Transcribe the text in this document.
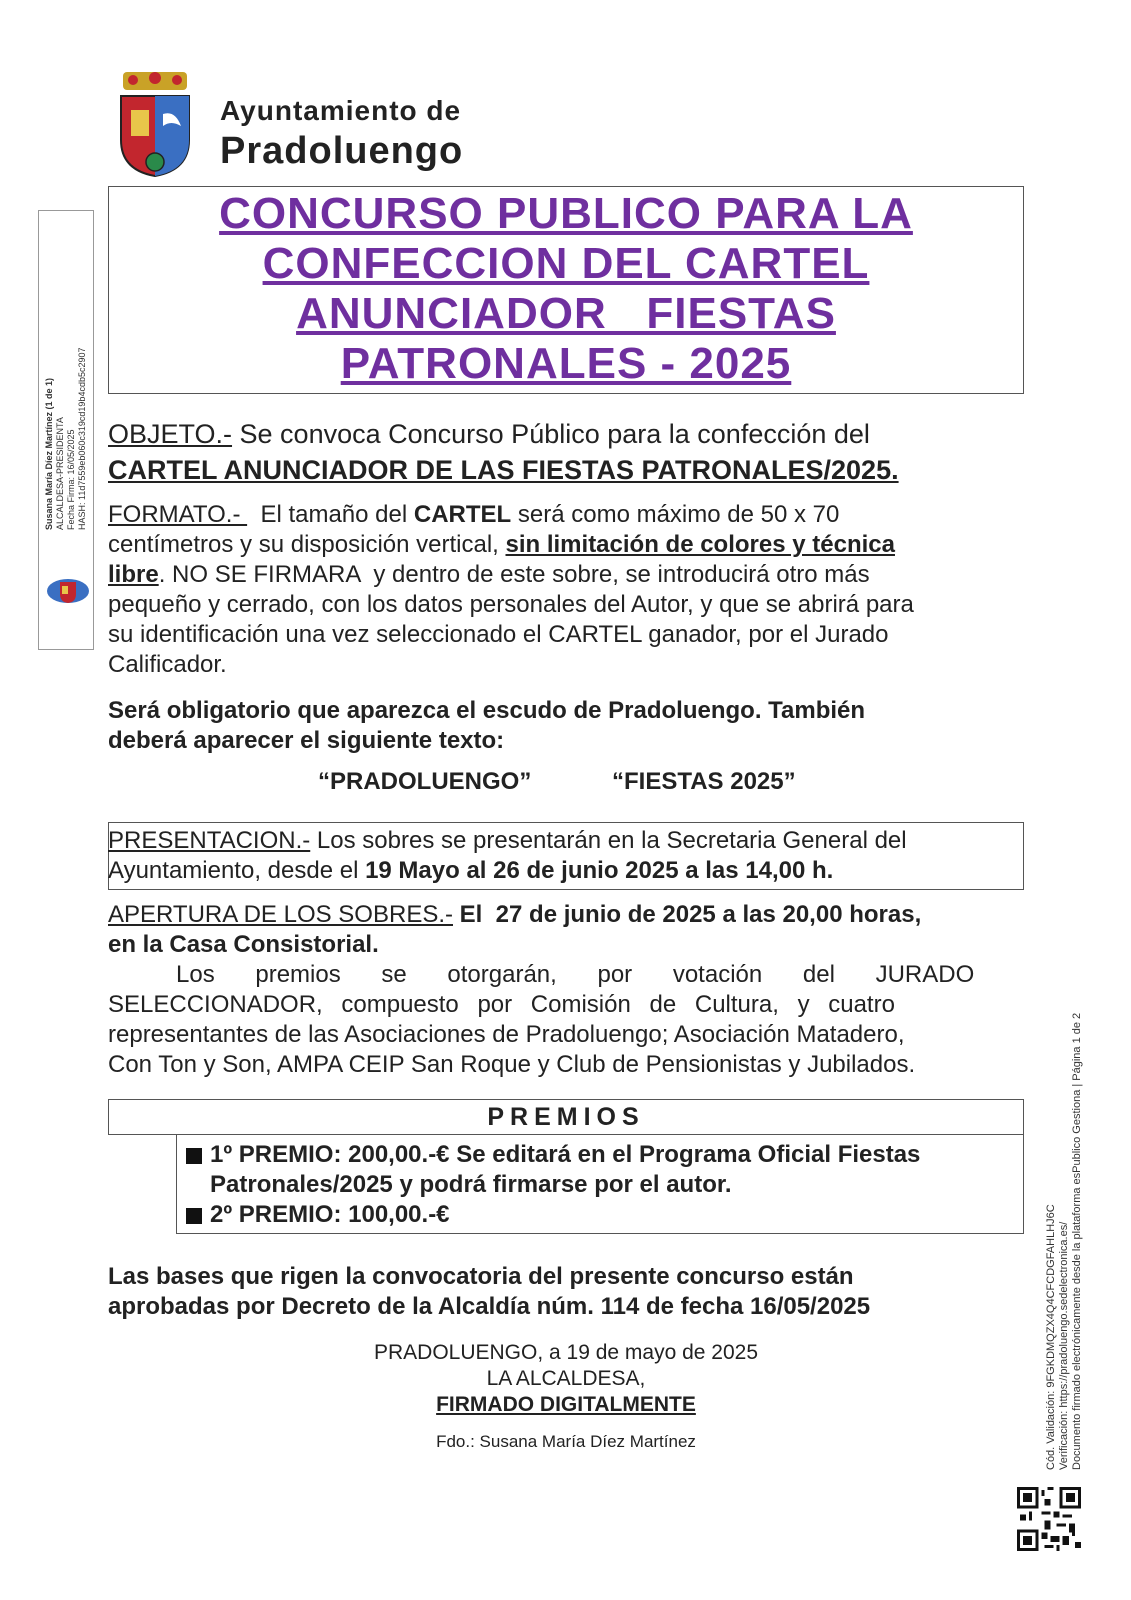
Ayuntamiento de
Pradoluengo
CONCURSO PUBLICO PARA LA
CONFECCION DEL CARTEL
ANUNCIADOR   FIESTAS
PATRONALES - 2025
OBJETO.- Se convoca Concurso Público para la confección del
CARTEL ANUNCIADOR DE LAS FIESTAS PATRONALES/2025.
FORMATO.-   El tamaño del CARTEL será como máximo de 50 x 70
centímetros y su disposición vertical, sin limitación de colores y técnica
libre. NO SE FIRMARA  y dentro de este sobre, se introducirá otro más
pequeño y cerrado, con los datos personales del Autor, y que se abrirá para
su identificación una vez seleccionado el CARTEL ganador, por el Jurado
Calificador.
Será obligatorio que aparezca el escudo de Pradoluengo. También
deberá aparecer el siguiente texto:
“PRADOLUENGO”	“FIESTAS 2025”
PRESENTACION.- Los sobres se presentarán en la Secretaria General del
Ayuntamiento, desde el 19 Mayo al 26 de junio 2025 a las 14,00 h.
APERTURA DE LOS SOBRES.- El  27 de junio de 2025 a las 20,00 horas,
en la Casa Consistorial.
Los premios se otorgarán, por votación del JURADO
SELECCIONADOR, compuesto por Comisión de Cultura, y cuatro
representantes de las Asociaciones de Pradoluengo; Asociación Matadero,
Con Ton y Son, AMPA CEIP San Roque y Club de Pensionistas y Jubilados.
PREMIOS
1º PREMIO: 200,00.-€ Se editará en el Programa Oficial Fiestas
Patronales/2025 y podrá firmarse por el autor.
2º PREMIO: 100,00.-€
Las bases que rigen la convocatoria del presente concurso están
aprobadas por Decreto de la Alcaldía núm. 114 de fecha 16/05/2025
PRADOLUENGO, a 19 de mayo de 2025
LA ALCALDESA,
FIRMADO DIGITALMENTE
Fdo.: Susana María Díez Martínez
Susana María Díez Martínez (1 de 1) ALCALDESA-PRESIDENTA Fecha Firma: 16/05/2025 HASH: 11d7559eb060c319cd19b4cdb5c2907
Cód. Validación: 9FGKDMQZX4Q4CFCDGFAHLHJ6C Verificación: https://pradoluengo.sedelectronica.es/ Documento firmado electrónicamente desde la plataforma esPublico Gestiona | Página 1 de 2
